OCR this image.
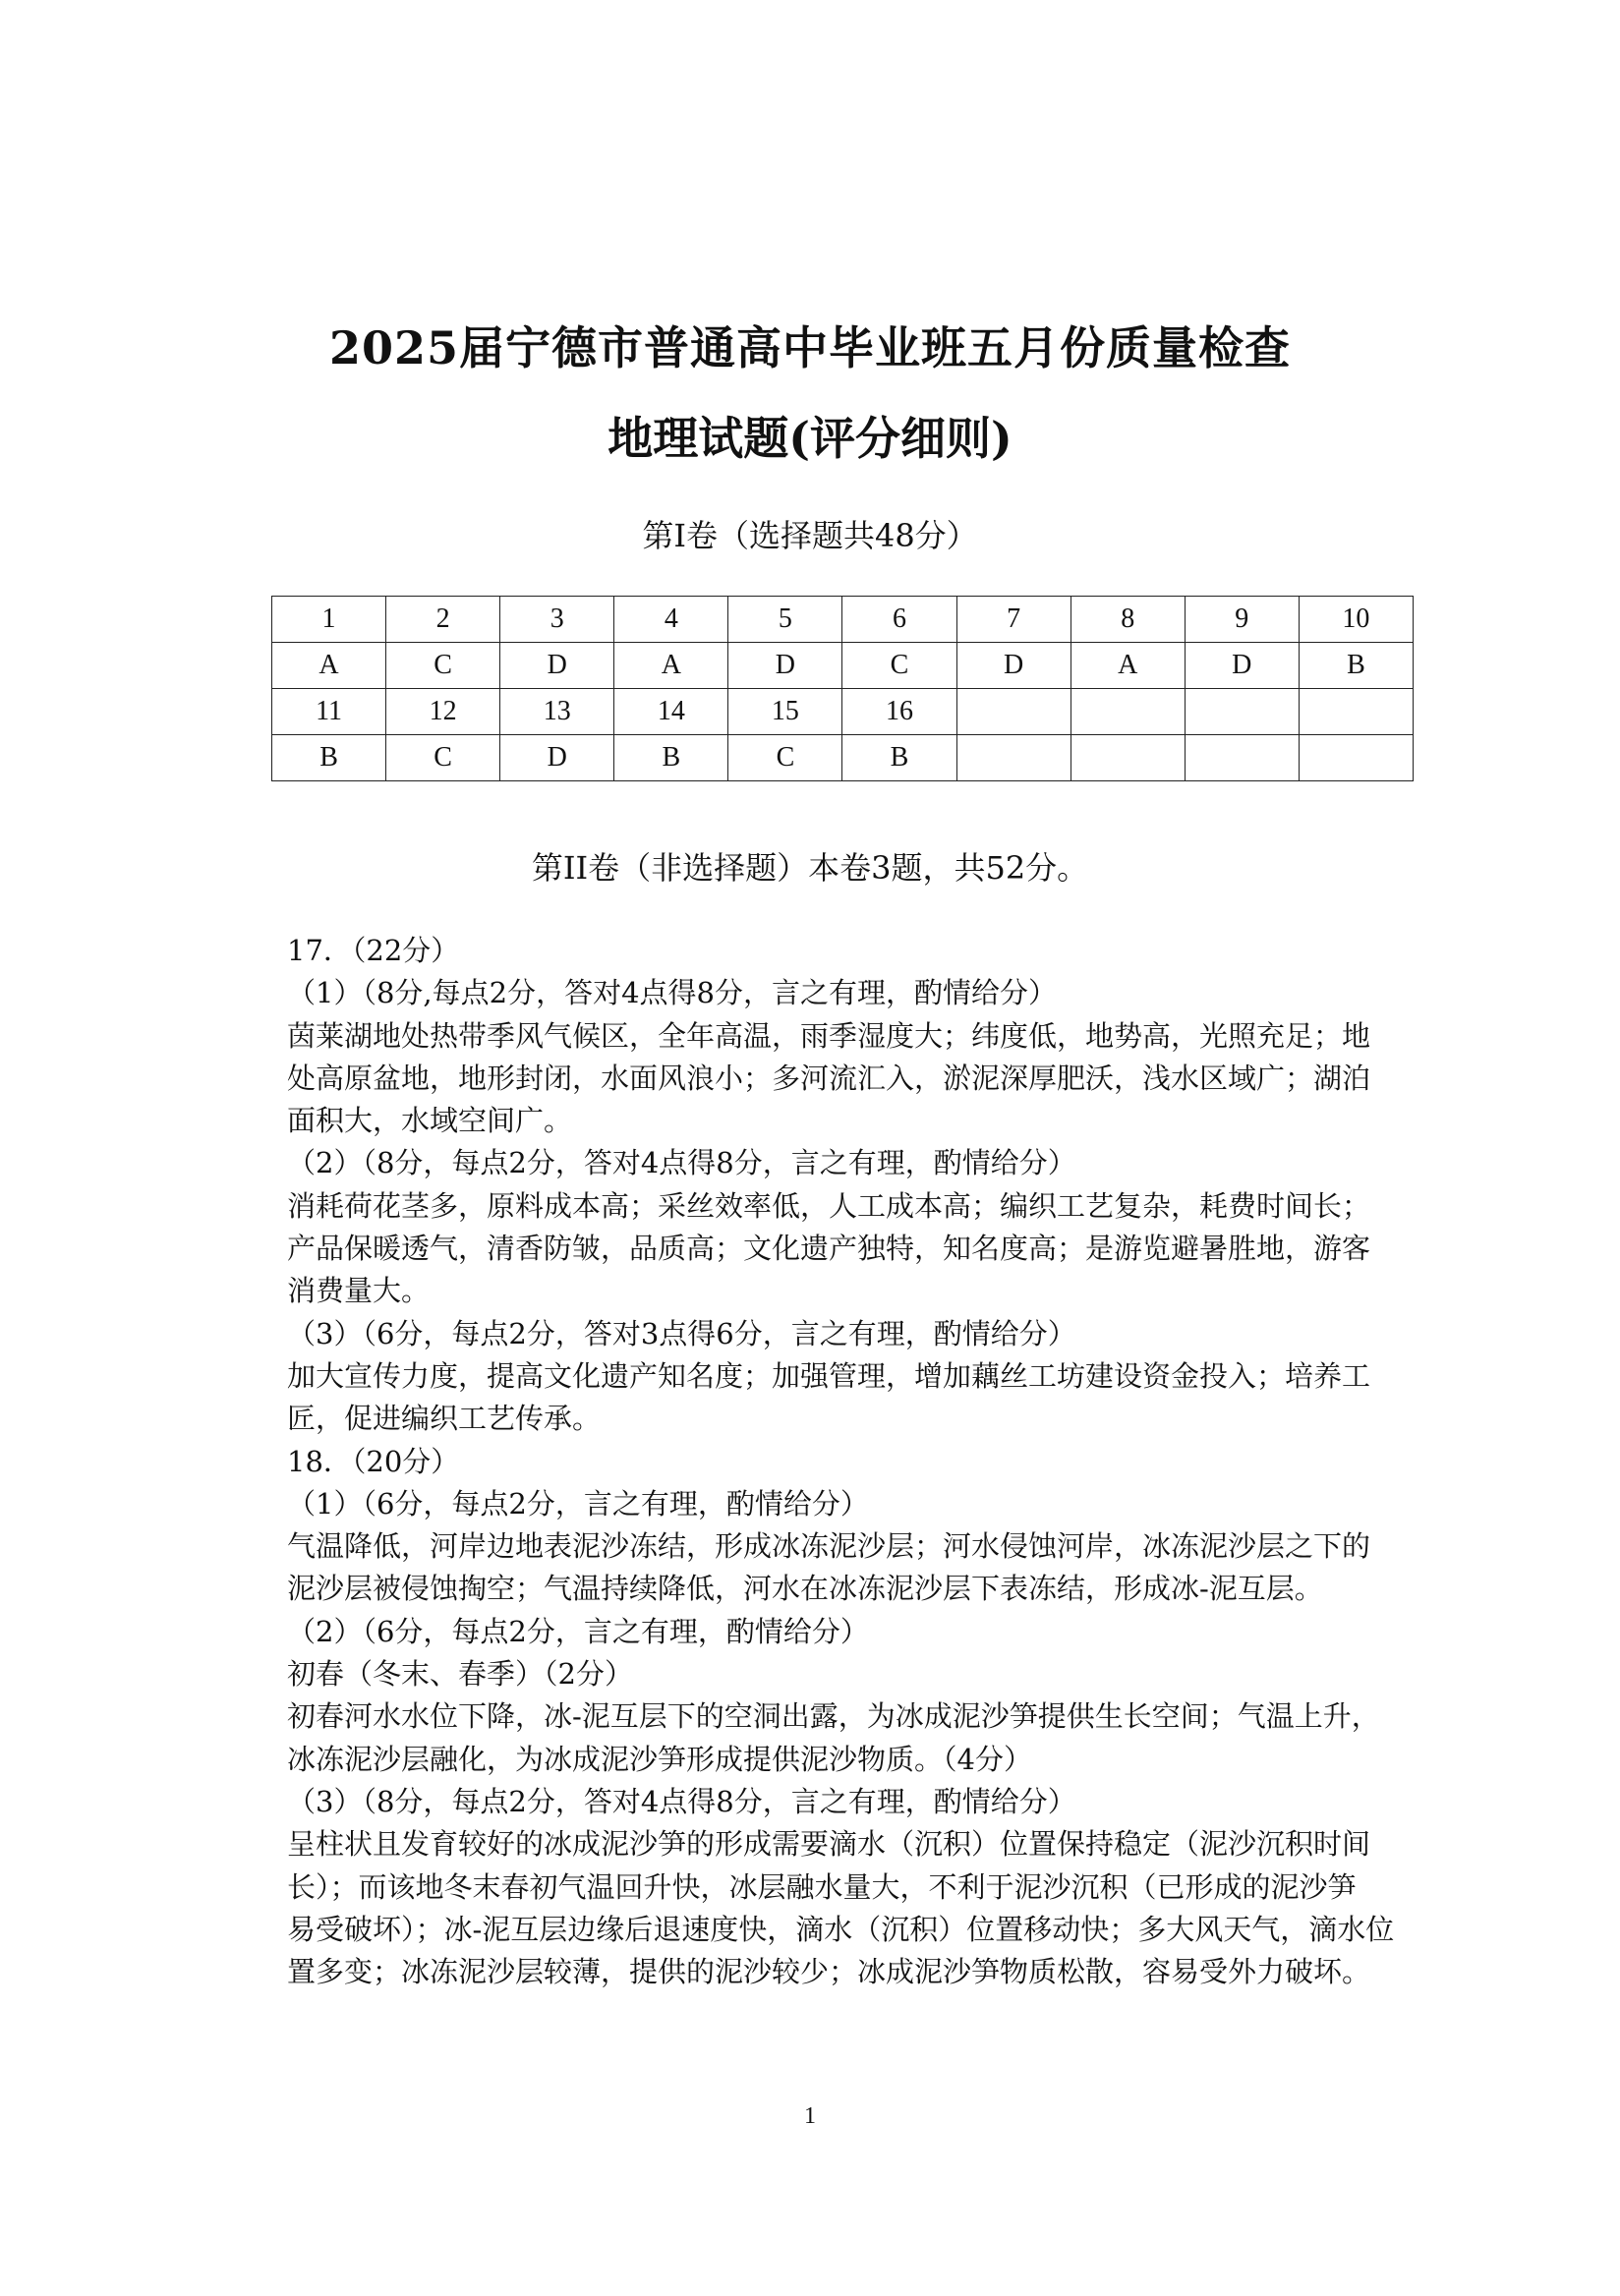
2025届宁德市普通高中毕业班五月份质量检查
地理试题(评分细则)
第I卷（选择题共48分）
1	2	3	4	5	6	7	8	9	10
A	C	D	A	D	C	D	A	D	B
11	12	13	14	15	16				
B	C	D	B	C	B				
第II卷（非选择题）本卷3题，共52分。
17．（22分）
（1）（8分,每点2分，答对4点得8分，言之有理，酌情给分）
茵莱湖地处热带季风气候区，全年高温，雨季湿度大；纬度低，地势高，光照充足；地
处高原盆地，地形封闭，水面风浪小；多河流汇入，淤泥深厚肥沃，浅水区域广；湖泊
面积大，水域空间广。
（2）（8分，每点2分，答对4点得8分，言之有理，酌情给分）
消耗荷花茎多，原料成本高；采丝效率低，人工成本高；编织工艺复杂，耗费时间长；
产品保暖透气，清香防皱，品质高；文化遗产独特，知名度高；是游览避暑胜地，游客
消费量大。
（3）（6分，每点2分，答对3点得6分，言之有理，酌情给分）
加大宣传力度，提高文化遗产知名度；加强管理，增加藕丝工坊建设资金投入；培养工
匠，促进编织工艺传承。
18．（20分）
（1）（6分，每点2分，言之有理，酌情给分）
气温降低，河岸边地表泥沙冻结，形成冰冻泥沙层；河水侵蚀河岸，冰冻泥沙层之下的
泥沙层被侵蚀掏空；气温持续降低，河水在冰冻泥沙层下表冻结，形成冰-泥互层。
（2）（6分，每点2分，言之有理，酌情给分）
初春（冬末、春季）（2分）
初春河水水位下降，冰-泥互层下的空洞出露，为冰成泥沙笋提供生长空间；气温上升，
冰冻泥沙层融化，为冰成泥沙笋形成提供泥沙物质。（4分）
（3）（8分，每点2分，答对4点得8分，言之有理，酌情给分）
呈柱状且发育较好的冰成泥沙笋的形成需要滴水（沉积）位置保持稳定（泥沙沉积时间
长）；而该地冬末春初气温回升快，冰层融水量大，不利于泥沙沉积（已形成的泥沙笋
易受破坏）；冰-泥互层边缘后退速度快，滴水（沉积）位置移动快；多大风天气，滴水位
置多变；冰冻泥沙层较薄，提供的泥沙较少；冰成泥沙笋物质松散，容易受外力破坏。
1
